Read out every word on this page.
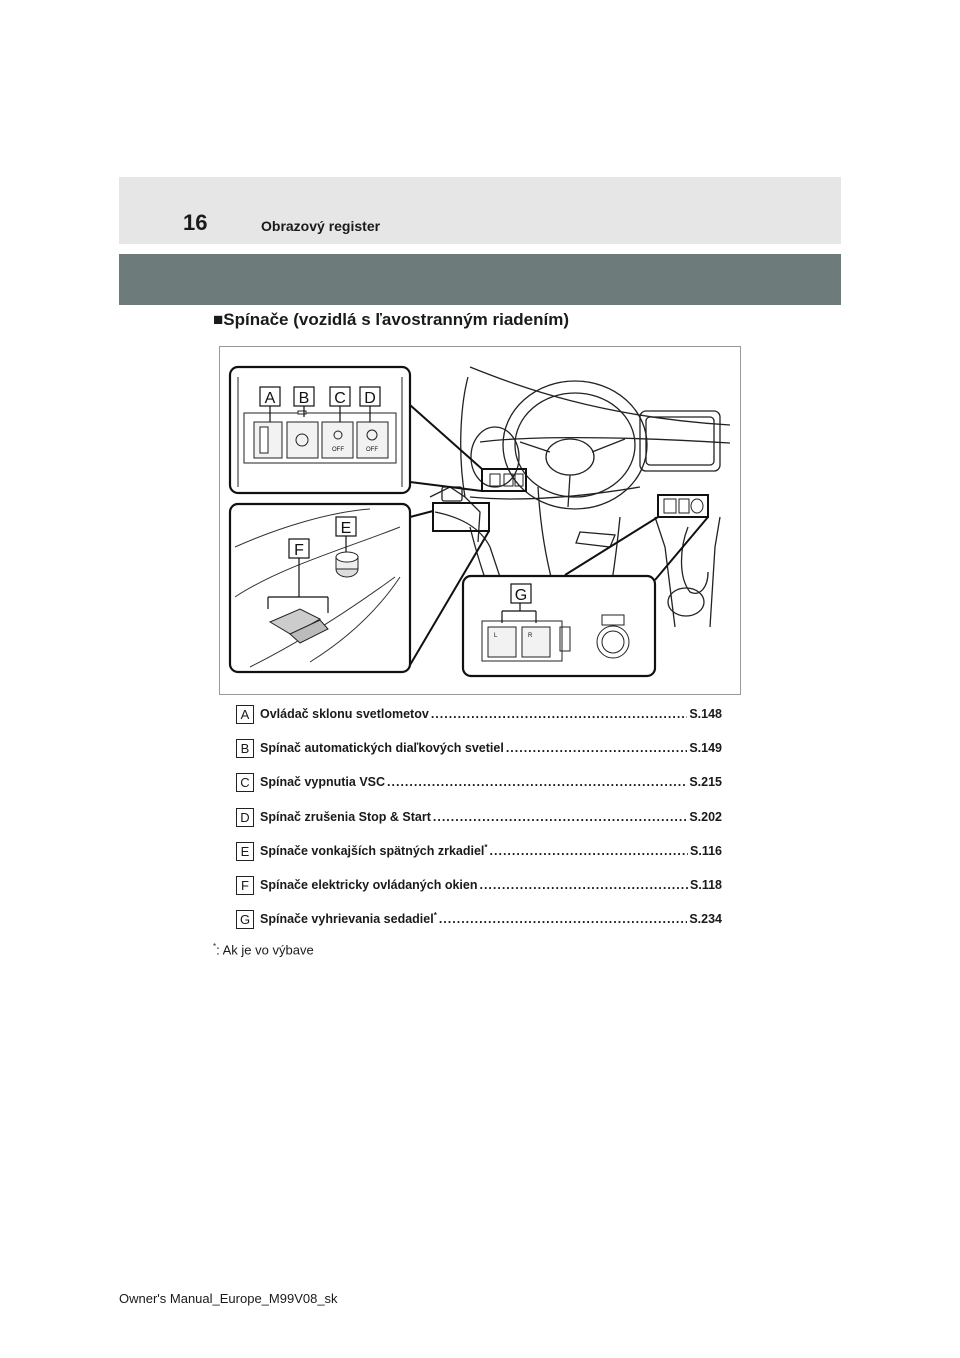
16	Obrazový register
■Spínače (vozidlá s ľavostranným riadením)
OFF	OFF
A B C D
E
F
L	R
G
A Ovládač sklonu svetlometov .....	S.148
B Spínač automatických diaľkových svetiel .....	S.149
C Spínač vypnutia VSC .....	S.215
D Spínač zrušenia Stop & Start .....	S.202
E Spínače vonkajších spätných zrkadiel* .....	S.116
F Spínače elektricky ovládaných okien .....	S.118
G Spínače vyhrievania sedadiel* .....	S.234
*: Ak je vo výbave
Owner's Manual_Europe_M99V08_sk
